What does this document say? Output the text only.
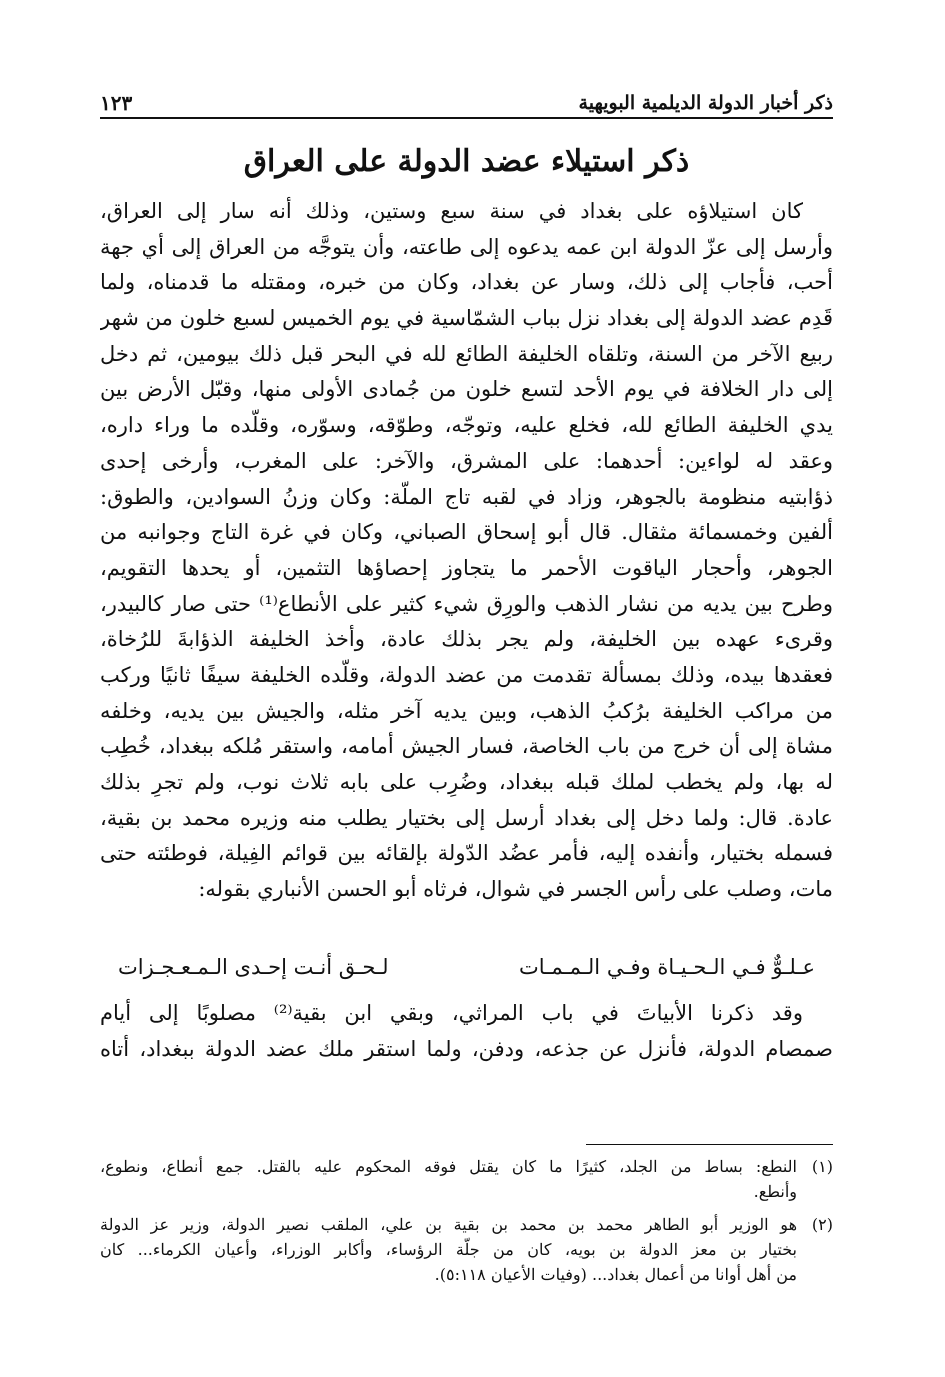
ذكر أخبار الدولة الديلمية البويهية
١٢٣
ذكر استيلاء عضد الدولة على العراق
كان استيلاؤه على بغداد في سنة سبع وستين، وذلك أنه سار إلى العراق،
وأرسل إلى عزّ الدولة ابن عمه يدعوه إلى طاعته، وأن يتوجَّه من العراق إلى أي جهة
أحب، فأجاب إلى ذلك، وسار عن بغداد، وكان من خبره، ومقتله ما قدمناه، ولما
قَدِم عضد الدولة إلى بغداد نزل بباب الشمّاسية في يوم الخميس لسبع خلون من شهر
ربيع الآخر من السنة، وتلقاه الخليفة الطائع لله في البحر قبل ذلك بيومين، ثم دخل
إلى دار الخلافة في يوم الأحد لتسع خلون من جُمادى الأولى منها، وقبّل الأرض بين
يدي الخليفة الطائع لله، فخلع عليه، وتوجّه، وطوّقه، وسوّره، وقلّده ما وراء داره،
وعقد له لواءين: أحدهما: على المشرق، والآخر: على المغرب، وأرخى إحدى
ذؤابتيه منظومة بالجوهر، وزاد في لقبه تاج الملّة: وكان وزنُ السوادين، والطوق:
ألفين وخمسمائة مثقال. قال أبو إسحاق الصباني، وكان في غرة التاج وجوانبه من
الجوهر، وأحجار الياقوت الأحمر ما يتجاوز إحصاؤها التثمين، أو يحدها التقويم،
وطرح بين يديه من نشار الذهب والورِق شيء كثير على الأنطاع⁽¹⁾ حتى صار كالبيدر،
وقرىء عهده بين الخليفة، ولم يجر بذلك عادة، وأخذ الخليفة الذؤابةَ للرُخاة،
فعقدها بيده، وذلك بمسألة تقدمت من عضد الدولة، وقلّده الخليفة سيفًا ثانيًا وركب
من مراكب الخليفة برُكبُ الذهب، وبين يديه آخر مثله، والجيش بين يديه، وخلفه
مشاة إلى أن خرج من باب الخاصة، فسار الجيش أمامه، واستقر مُلكه ببغداد، خُطِب
له بها، ولم يخطب لملك قبله ببغداد، وضُرِب على بابه ثلاث نوب، ولم تجرِ بذلك
عادة. قال: ولما دخل إلى بغداد أرسل إلى بختيار يطلب منه وزيره محمد بن بقية،
فسمله بختيار، وأنفده إليه، فأمر عضُد الدّولة بإلقائه بين قوائم الفِيلة، فوطئته حتى
مات، وصلب على رأس الجسر في شوال، فرثاه أبو الحسن الأنباري بقوله:
عـلـوٌّ فـي الـحـيـاة وفـي الـمـمـات
لـحـق أنـت إحـدى الـمـعـجـزات
وقد ذكرنا الأبياتَ في باب المراثي، وبقي ابن بقية⁽²⁾ مصلوبًا إلى أيام
صمصام الدولة، فأنزل عن جذعه، ودفن، ولما استقر ملك عضد الدولة ببغداد، أتاه
(١)
النطع: بساط من الجلد، كثيرًا ما كان يقتل فوقه المحكوم عليه بالقتل. جمع أنطاع، ونطوع،
وأنطع.
(٢)
هو الوزير أبو الطاهر محمد بن محمد بن بقية بن علي، الملقب نصير الدولة، وزير عز الدولة
بختيار بن معز الدولة بن بويه، كان من جلّة الرؤساء، وأكابر الوزراء، وأعيان الكرماء... كان
من أهل أوانا من أعمال بغداد... (وفيات الأعيان ٥:١١٨).
